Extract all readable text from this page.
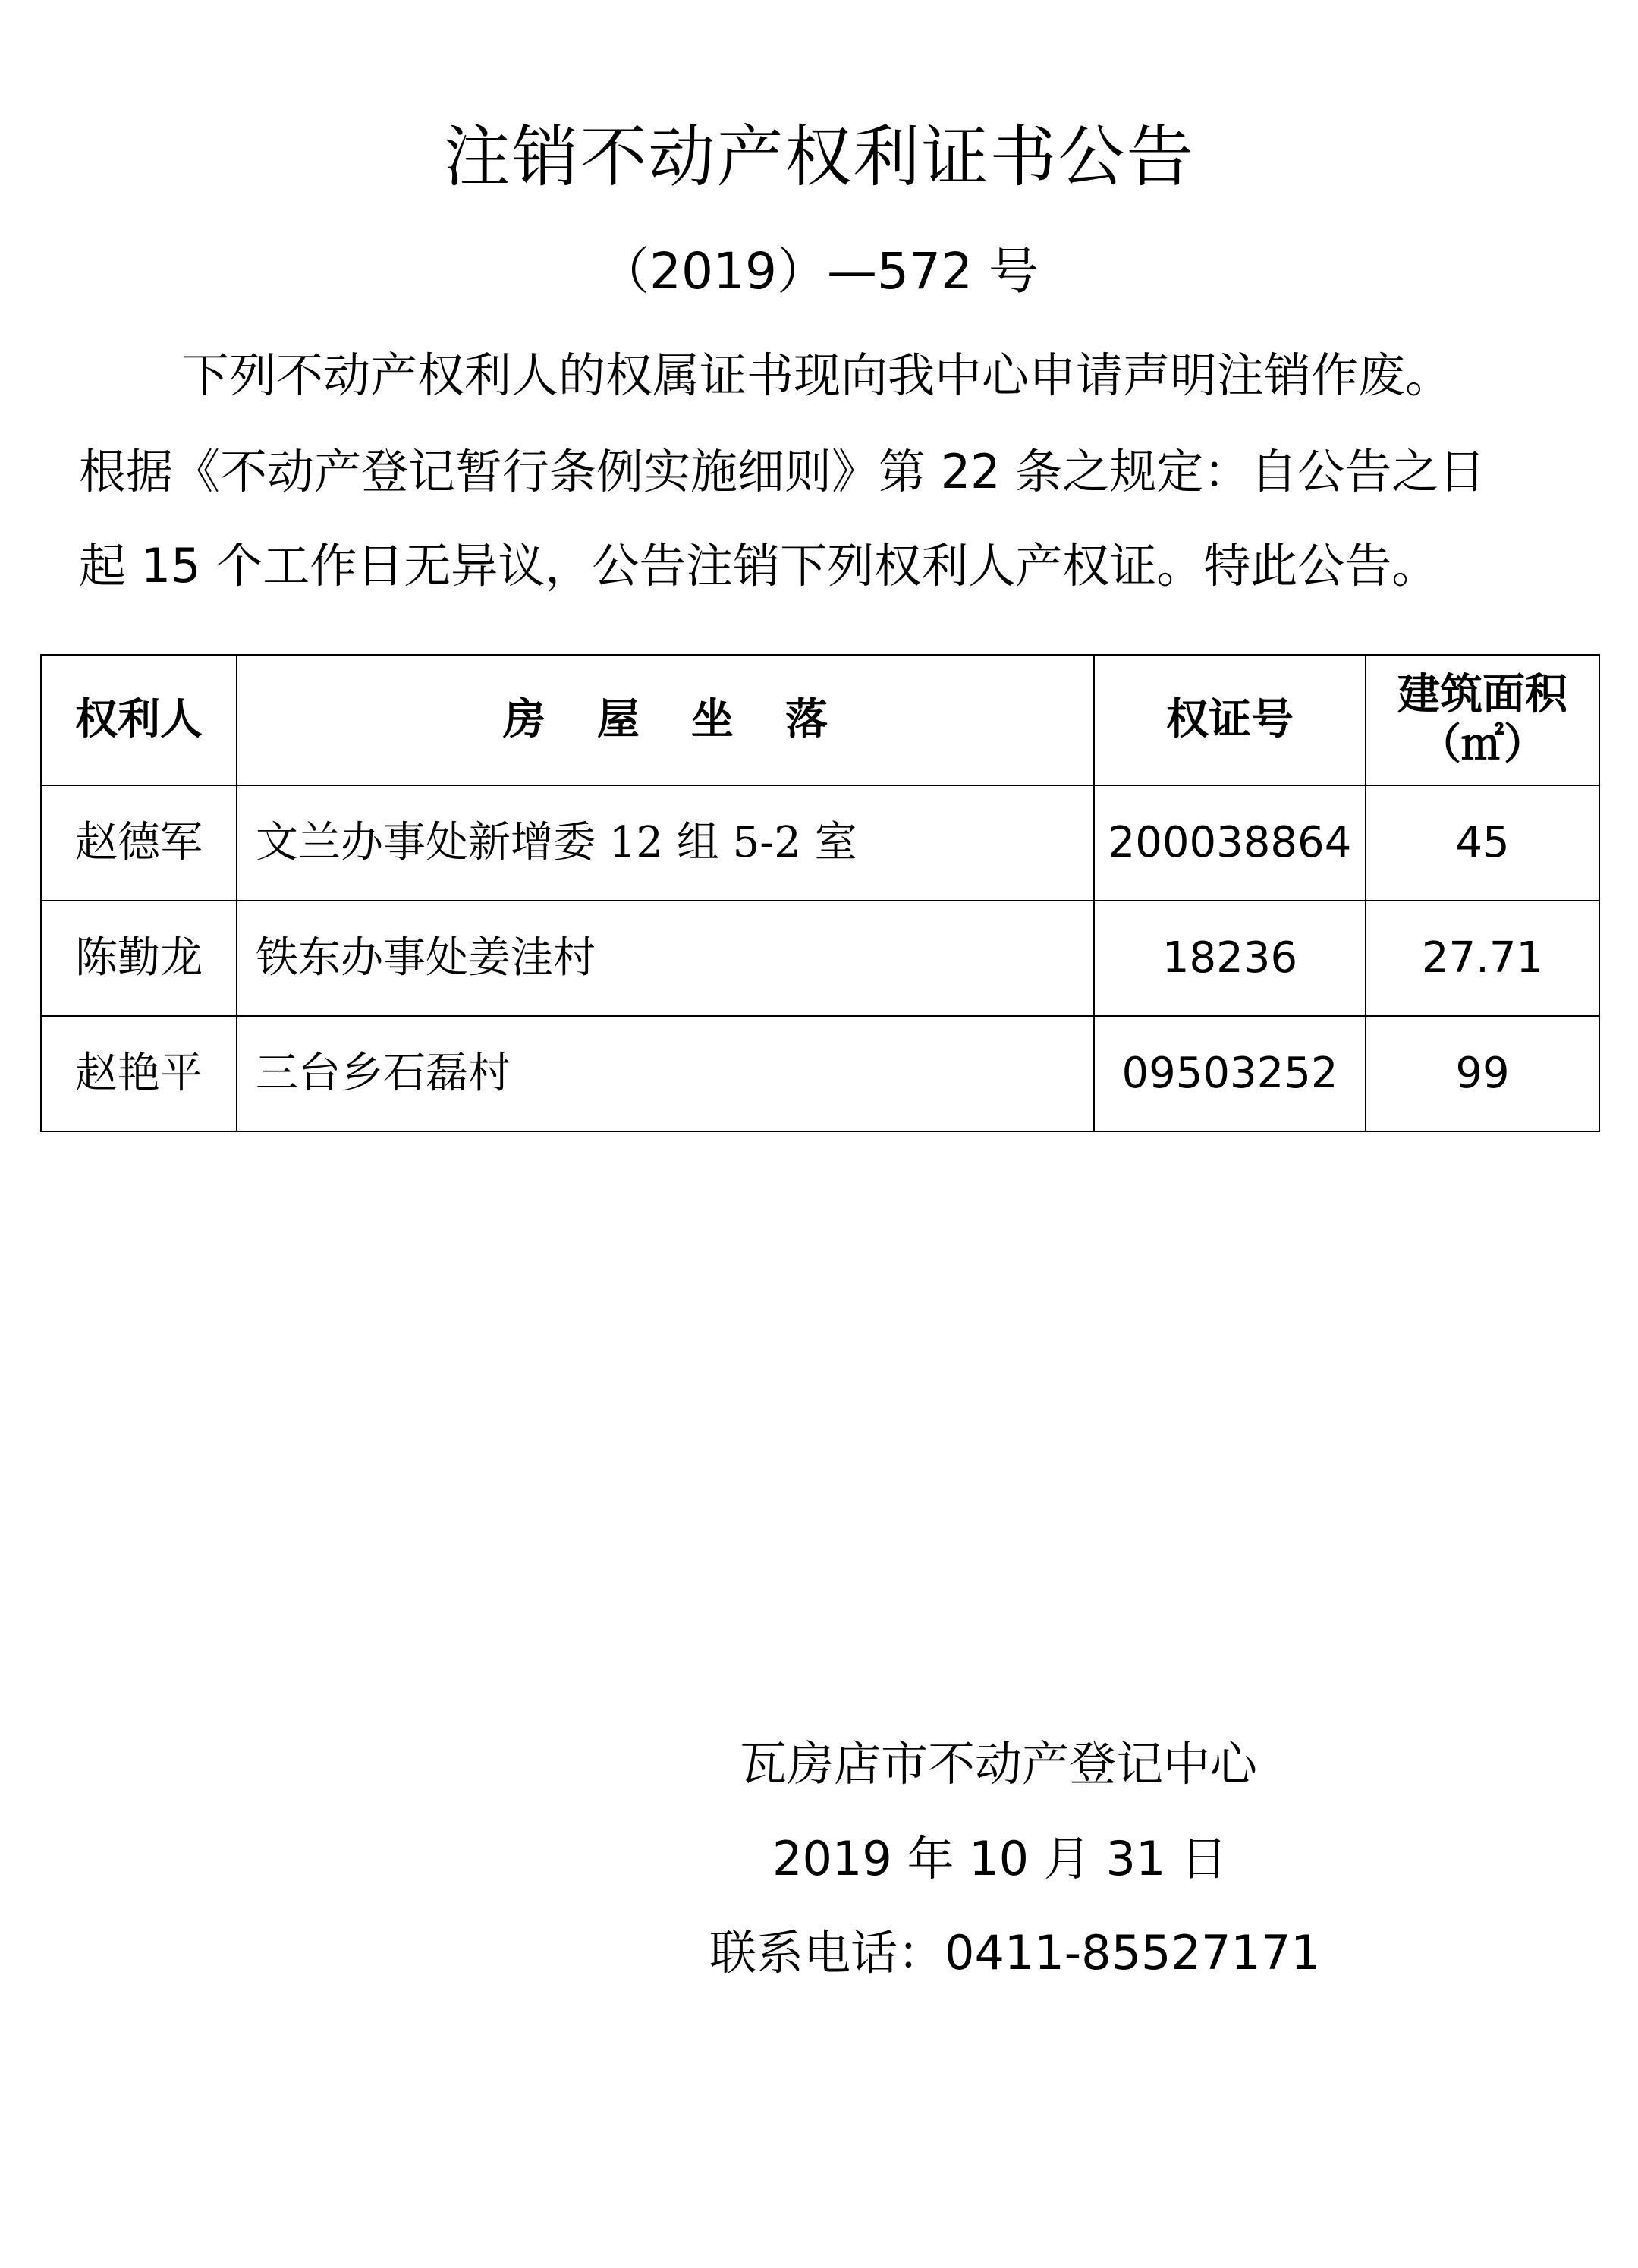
注销不动产权利证书公告
（2019）—572 号
下列不动产权利人的权属证书现向我中心申请声明注销作废。
根据《不动产登记暂行条例实施细则》第 22 条之规定：自公告之日
起 15 个工作日无异议，公告注销下列权利人产权证。特此公告。
权利人	房屋坐落	权证号	建筑面积
（㎡）

赵德军	文兰办事处新增委 12 组 5-2 室	200038864	45
陈勤龙	铁东办事处姜洼村	18236	27.71
赵艳平	三台乡石磊村	09503252	99
瓦房店市不动产登记中心
2019 年 10 月 31 日
联系电话：0411-85527171
